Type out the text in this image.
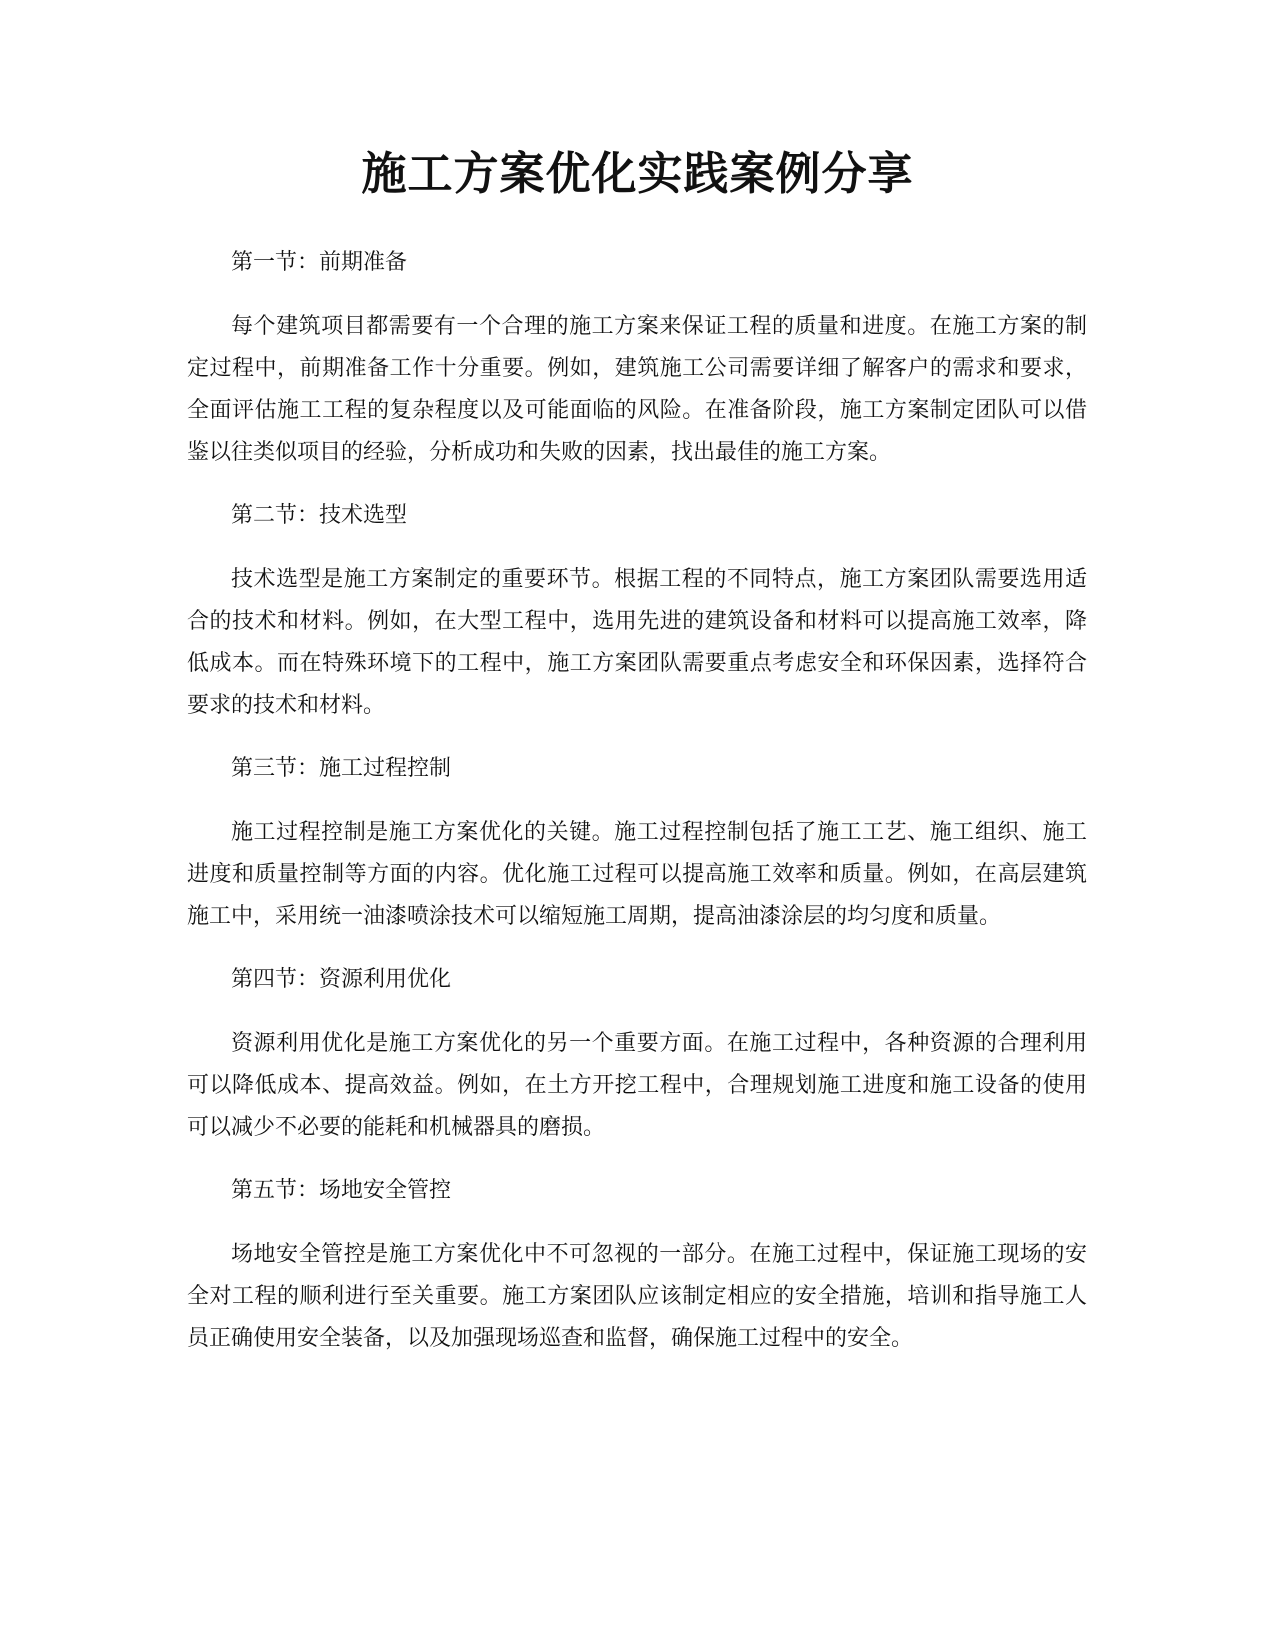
施工方案优化实践案例分享

第一节：前期准备

每个建筑项目都需要有一个合理的施工方案来保证工程的质量和进度。在施工方案的制定过程中，前期准备工作十分重要。例如，建筑施工公司需要详细了解客户的需求和要求，全面评估施工工程的复杂程度以及可能面临的风险。在准备阶段，施工方案制定团队可以借鉴以往类似项目的经验，分析成功和失败的因素，找出最佳的施工方案。

第二节：技术选型

技术选型是施工方案制定的重要环节。根据工程的不同特点，施工方案团队需要选用适合的技术和材料。例如，在大型工程中，选用先进的建筑设备和材料可以提高施工效率，降低成本。而在特殊环境下的工程中，施工方案团队需要重点考虑安全和环保因素，选择符合要求的技术和材料。

第三节：施工过程控制

施工过程控制是施工方案优化的关键。施工过程控制包括了施工工艺、施工组织、施工进度和质量控制等方面的内容。优化施工过程可以提高施工效率和质量。例如，在高层建筑施工中，采用统一油漆喷涂技术可以缩短施工周期，提高油漆涂层的均匀度和质量。

第四节：资源利用优化

资源利用优化是施工方案优化的另一个重要方面。在施工过程中，各种资源的合理利用可以降低成本、提高效益。例如，在土方开挖工程中，合理规划施工进度和施工设备的使用可以减少不必要的能耗和机械器具的磨损。

第五节：场地安全管控

场地安全管控是施工方案优化中不可忽视的一部分。在施工过程中，保证施工现场的安全对工程的顺利进行至关重要。施工方案团队应该制定相应的安全措施，培训和指导施工人员正确使用安全装备，以及加强现场巡查和监督，确保施工过程中的安全。
